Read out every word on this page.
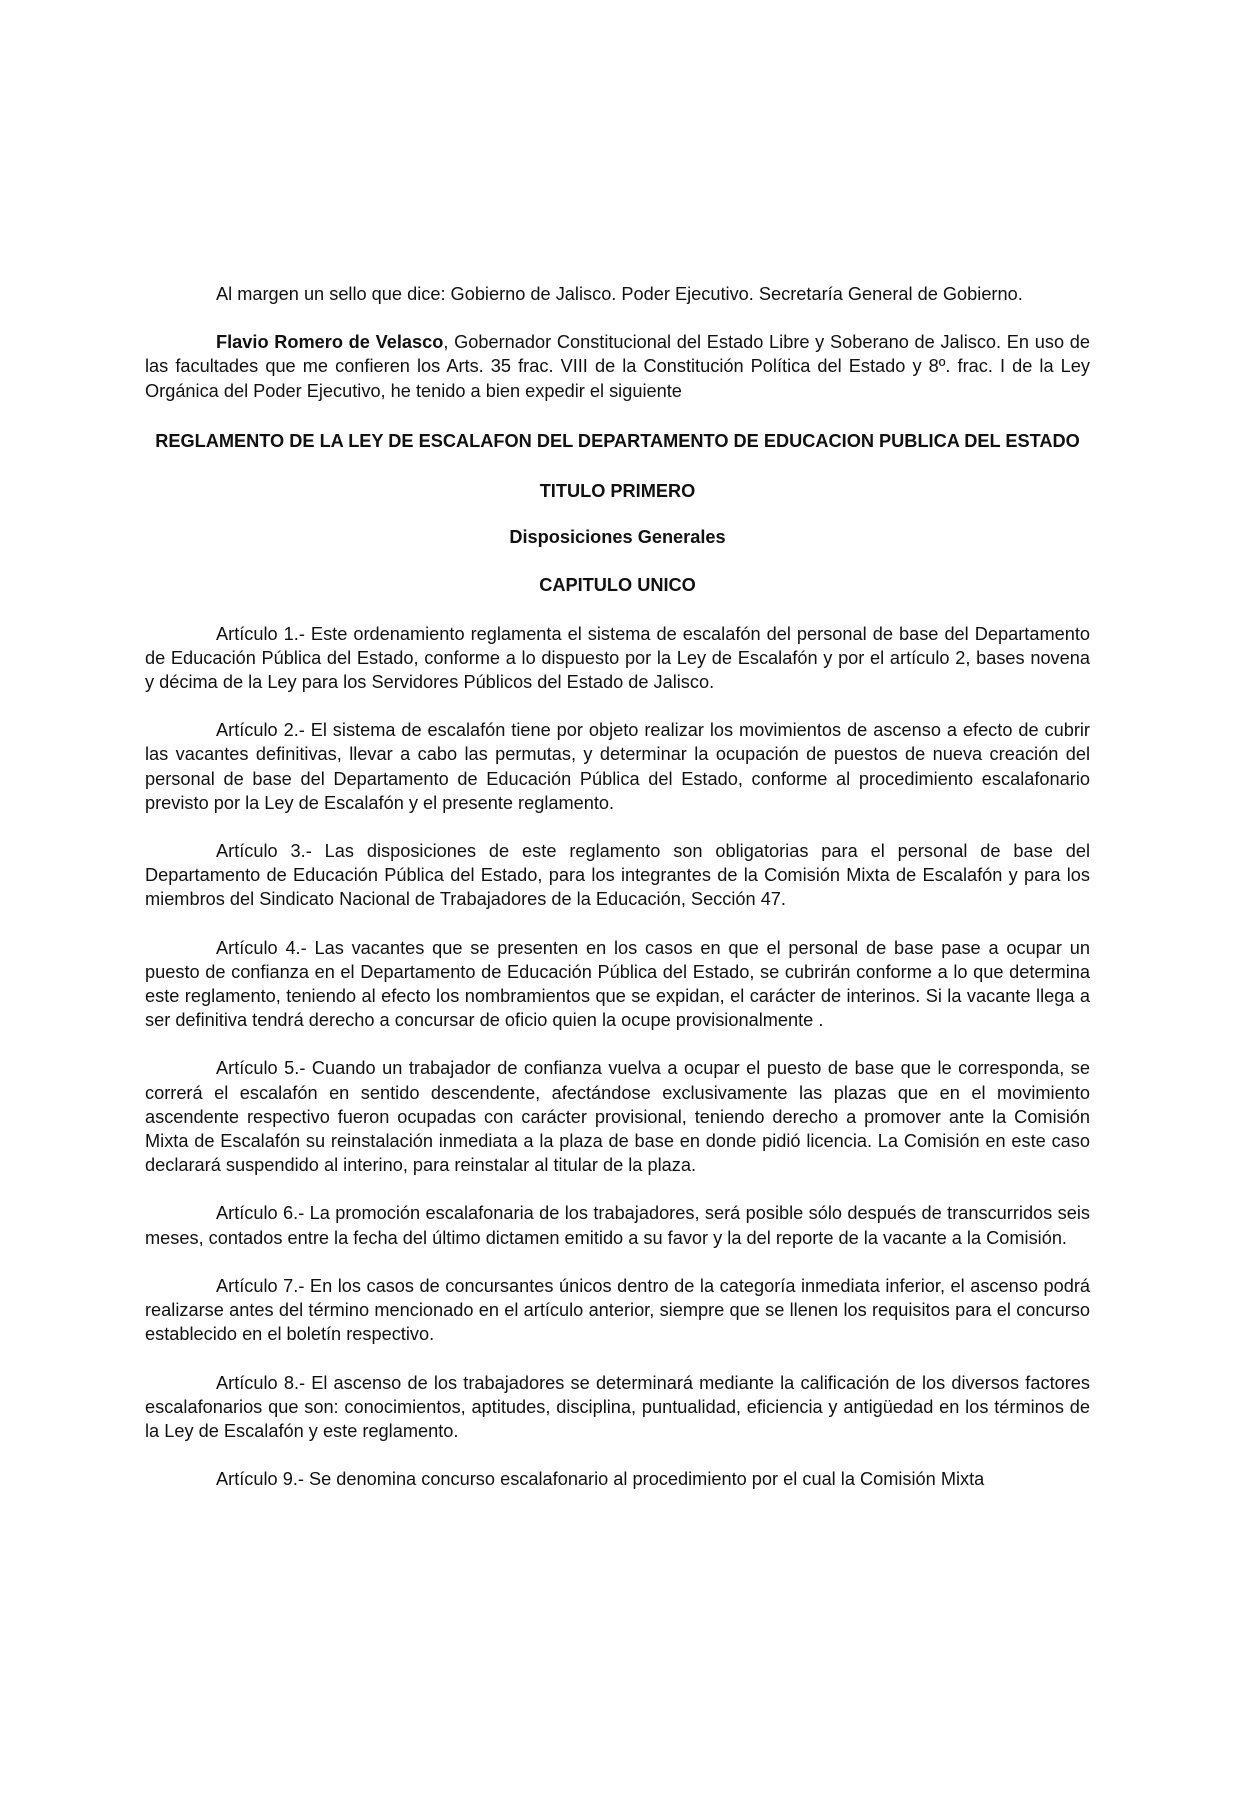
Al margen un sello que dice: Gobierno de Jalisco. Poder Ejecutivo. Secretaría General de Gobierno.

Flavio Romero de Velasco, Gobernador Constitucional del Estado Libre y Soberano de Jalisco. En uso de las facultades que me confieren los Arts. 35 frac. VIII de la Constitución Política del Estado y 8º. frac. I de la Ley Orgánica del Poder Ejecutivo, he tenido a bien expedir el siguiente

REGLAMENTO DE LA LEY DE ESCALAFON DEL DEPARTAMENTO DE EDUCACION PUBLICA DEL ESTADO
TITULO PRIMERO
Disposiciones Generales
CAPITULO UNICO

Artículo 1.- Este ordenamiento reglamenta el sistema de escalafón del personal de base del Departamento de Educación Pública del Estado, conforme a lo dispuesto por la Ley de Escalafón y por el artículo 2, bases novena y décima de la Ley para los Servidores Públicos del Estado de Jalisco.

Artículo 2.- El sistema de escalafón tiene por objeto realizar los movimientos de ascenso a efecto de cubrir las vacantes definitivas, llevar a cabo las permutas, y determinar la ocupación de puestos de nueva creación del personal de base del Departamento de Educación Pública del Estado, conforme al procedimiento escalafonario previsto por la Ley de Escalafón y el presente reglamento.

Artículo 3.- Las disposiciones de este reglamento son obligatorias para el personal de base del Departamento de Educación Pública del Estado, para los integrantes de la Comisión Mixta de Escalafón y para los miembros del Sindicato Nacional de Trabajadores de la Educación, Sección 47.

Artículo 4.- Las vacantes que se presenten en los casos en que el personal de base pase a ocupar un puesto de confianza en el Departamento de Educación Pública del Estado, se cubrirán conforme a lo que determina este reglamento, teniendo al efecto los nombramientos que se expidan, el carácter de interinos. Si la vacante llega a ser definitiva tendrá derecho a concursar de oficio quien la ocupe provisionalmente .

Artículo 5.- Cuando un trabajador de confianza vuelva a ocupar el puesto de base que le corresponda, se correrá el escalafón en sentido descendente, afectándose exclusivamente las plazas que en el movimiento ascendente respectivo fueron ocupadas con carácter provisional, teniendo derecho a promover ante la Comisión Mixta de Escalafón su reinstalación inmediata a la plaza de base en donde pidió licencia. La Comisión en este caso declarará suspendido al interino, para reinstalar al titular de la plaza.

Artículo 6.- La promoción escalafonaria de los trabajadores, será posible sólo después de transcurridos seis meses, contados entre la fecha del último dictamen emitido a su favor y la del reporte de la vacante a la Comisión.

Artículo 7.- En los casos de concursantes únicos dentro de la categoría inmediata inferior, el ascenso podrá realizarse antes del término mencionado en el artículo anterior, siempre que se llenen los requisitos para el concurso establecido en el boletín respectivo.

Artículo 8.- El ascenso de los trabajadores se determinará mediante la calificación de los diversos factores escalafonarios que son: conocimientos, aptitudes, disciplina, puntualidad, eficiencia y antigüedad en los términos de la Ley de Escalafón y este reglamento.

Artículo 9.- Se denomina concurso escalafonario al procedimiento por el cual la Comisión Mixta
